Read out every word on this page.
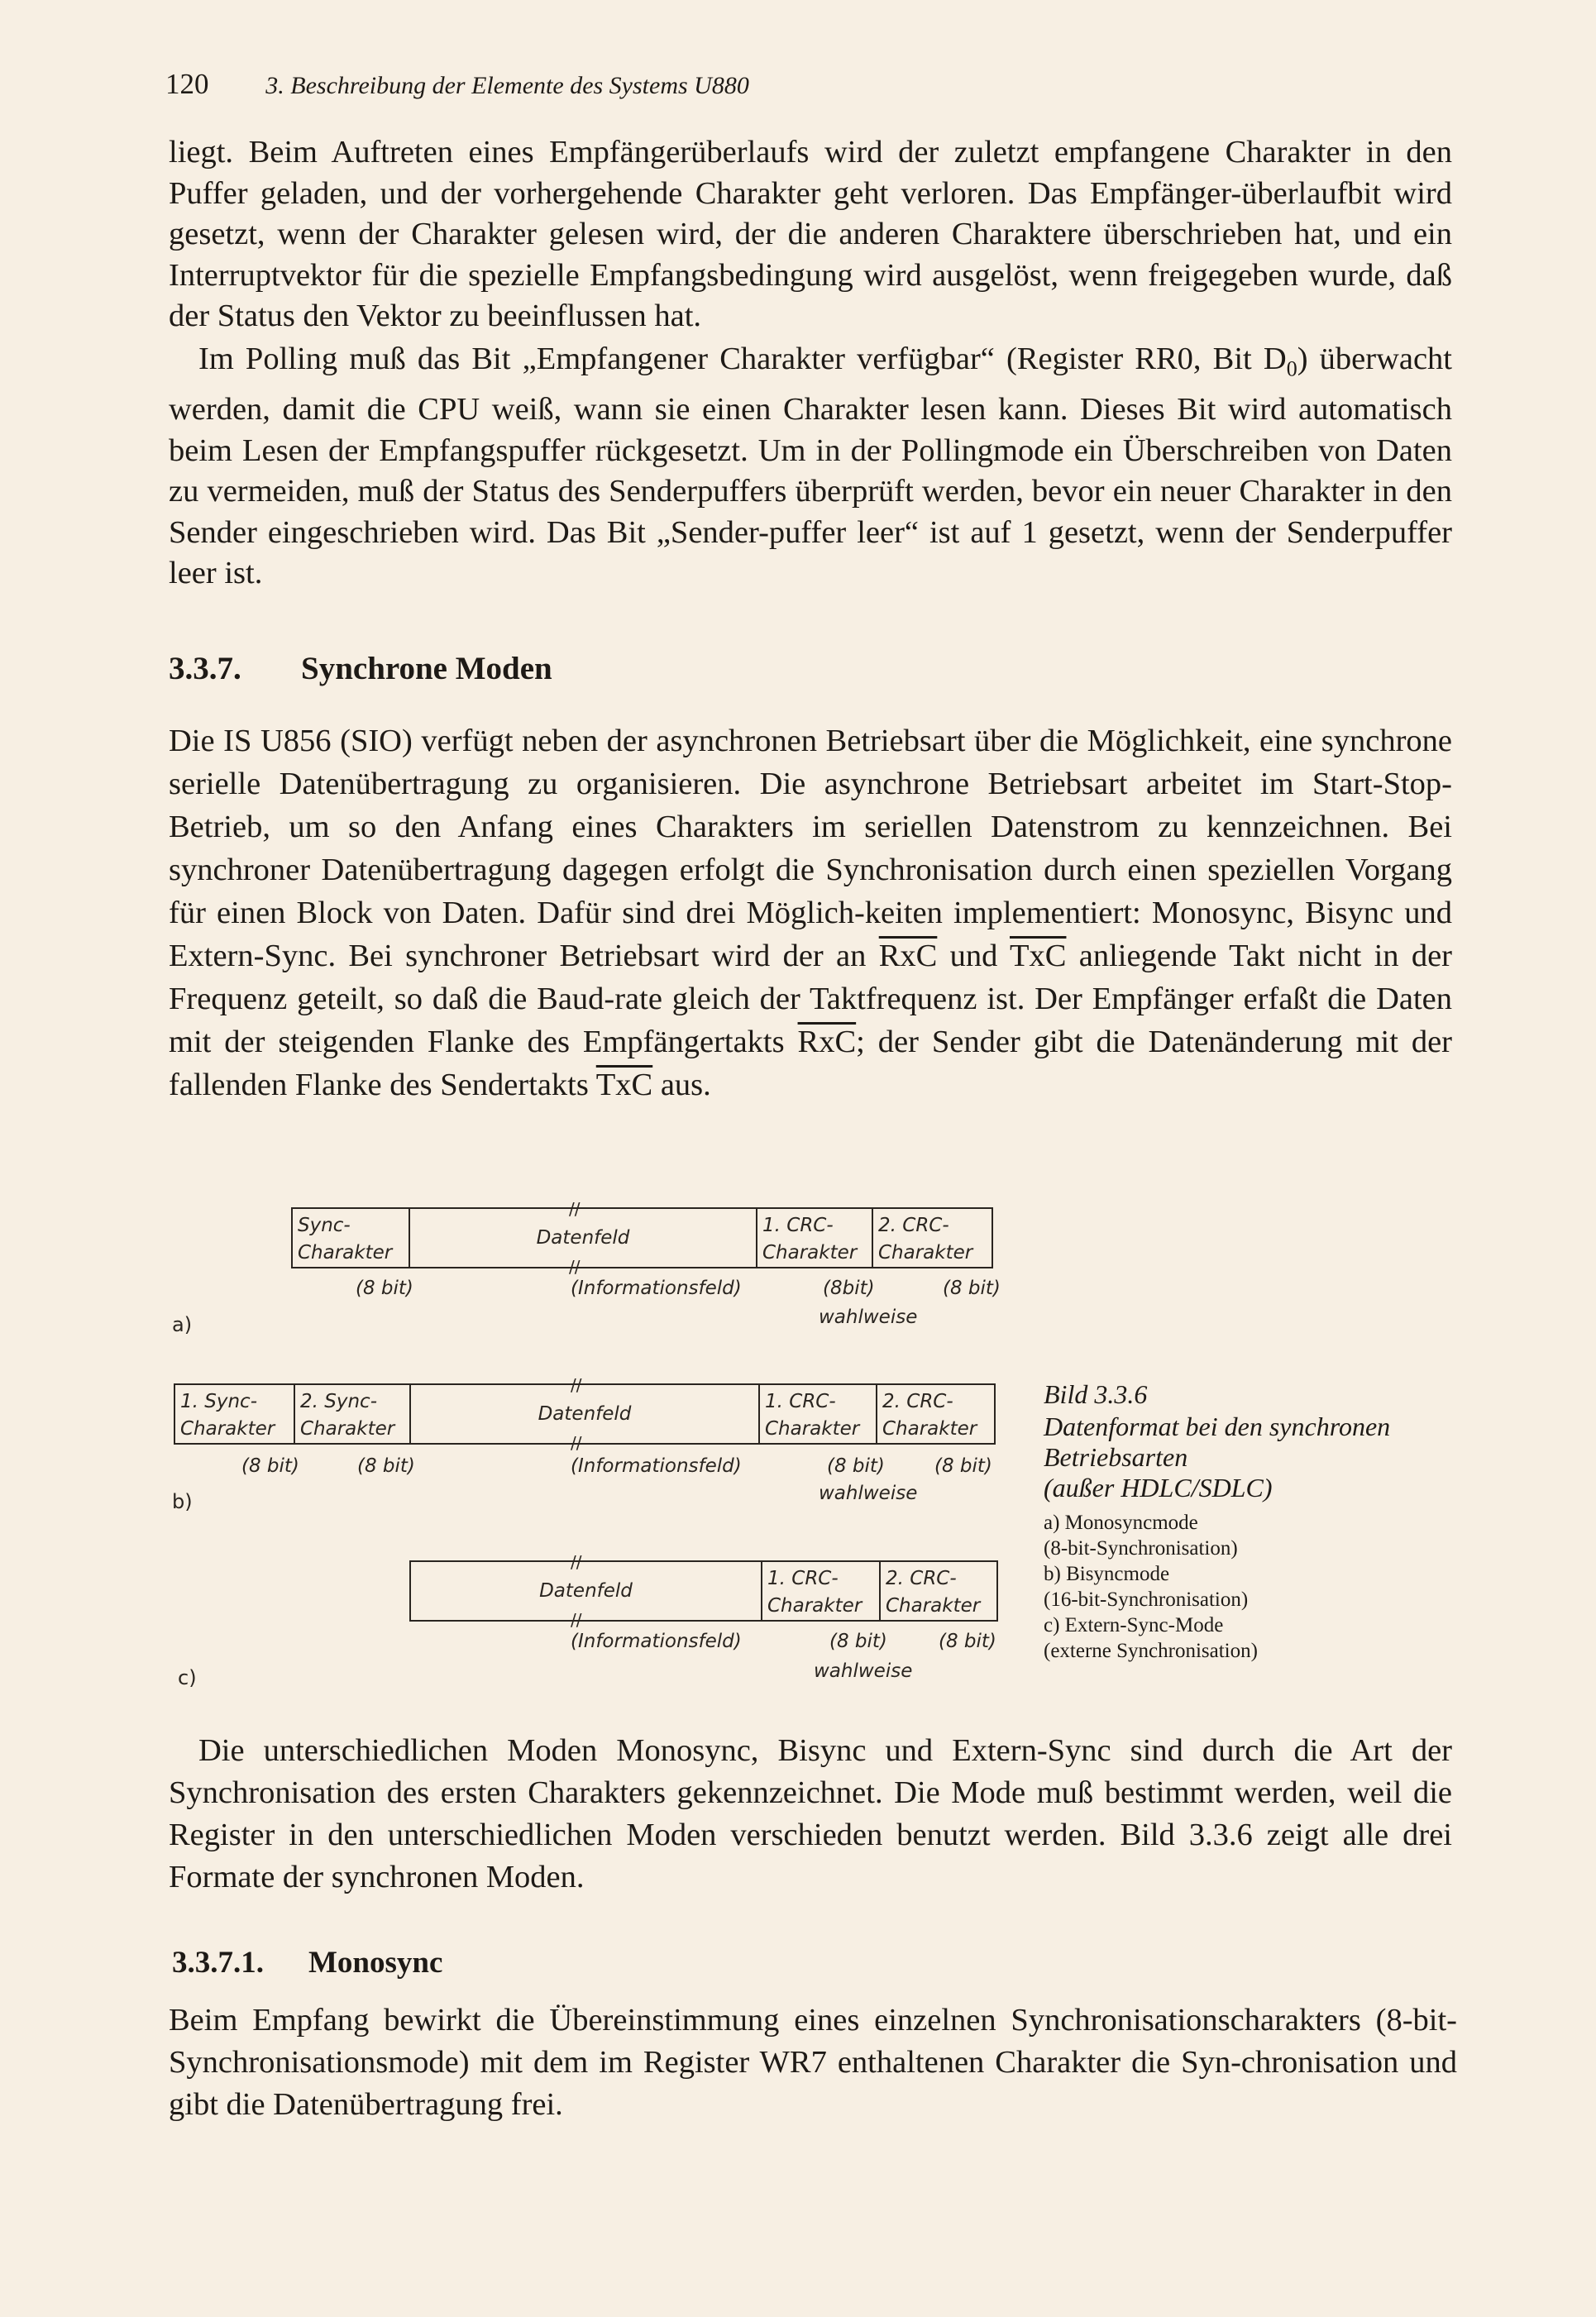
120 3. Beschreibung der Elemente des Systems U880

liegt. Beim Auftreten eines Empfängerüberlaufs wird der zuletzt empfangene Charakter in den Puffer geladen, und der vorhergehende Charakter geht verloren. Das Empfänger-überlaufbit wird gesetzt, wenn der Charakter gelesen wird, der die anderen Charaktere überschrieben hat, und ein Interruptvektor für die spezielle Empfangsbedingung wird ausgelöst, wenn freigegeben wurde, daß der Status den Vektor zu beeinflussen hat.

Im Polling muß das Bit „Empfangener Charakter verfügbar“ (Register RR0, Bit $D_0$) überwacht werden, damit die CPU weiß, wann sie einen Charakter lesen kann. Dieses Bit wird automatisch beim Lesen der Empfangspuffer rückgesetzt. Um in der Pollingmode ein Überschreiben von Daten zu vermeiden, muß der Status des Senderpuffers überprüft werden, bevor ein neuer Charakter in den Sender eingeschrieben wird. Das Bit „Sender-puffer leer“ ist auf 1 gesetzt, wenn der Senderpuffer leer ist.

3.3.7. Synchrone Moden

Die IS U856 (SIO) verfügt neben der asynchronen Betriebsart über die Möglichkeit, eine synchrone serielle Datenübertragung zu organisieren. Die asynchrone Betriebsart arbeitet im Start-Stop-Betrieb, um so den Anfang eines Charakters im seriellen Datenstrom zu kennzeichnen. Bei synchroner Datenübertragung dagegen erfolgt die Synchronisation durch einen speziellen Vorgang für einen Block von Daten. Dafür sind drei Möglich-keiten implementiert: Monosync, Bisync und Extern-Sync. Bei synchroner Betriebsart wird der an $\overline{RxC}$ und $\overline{TxC}$ anliegende Takt nicht in der Frequenz geteilt, so daß die Baud-rate gleich der Taktfrequenz ist. Der Empfänger erfaßt die Daten mit der steigenden Flanke des Empfängertakts $\overline{RxC}$; der Sender gibt die Datenänderung mit der fallenden Flanke des Sendertakts $\overline{TxC}$ aus.

Sync-
Charakter
Datenfeld
1. CRC-
Charakter
2. CRC-
Charakter
//
//
(8 bit)	(Informationsfeld)	(8bit)	(8 bit)
wahlweise
a)
1. Sync-
Charakter
2. Sync-
Charakter
Datenfeld
1. CRC-
Charakter
2. CRC-
Charakter
//
//
(8 bit)	(8 bit)	(Informationsfeld)	(8 bit)	(8 bit)
wahlweise
b)
Datenfeld
1. CRC-
Charakter
2. CRC-
Charakter
//
//
(Informationsfeld)	(8 bit)	(8 bit)
wahlweise
c)
Bild 3.3.6
Datenformat bei den synchronen Betriebsarten
(außer HDLC/SDLC)
a) Monosyncmode
(8-bit-Synchronisation)
b) Bisyncmode
(16-bit-Synchronisation)
c) Extern-Sync-Mode
(externe Synchronisation)

Die unterschiedlichen Moden Monosync, Bisync und Extern-Sync sind durch die Art der Synchronisation des ersten Charakters gekennzeichnet. Die Mode muß bestimmt werden, weil die Register in den unterschiedlichen Moden verschieden benutzt werden. Bild 3.3.6 zeigt alle drei Formate der synchronen Moden.

3.3.7.1. Monosync

Beim Empfang bewirkt die Übereinstimmung eines einzelnen Synchronisationscharakters (8-bit-Synchronisationsmode) mit dem im Register WR7 enthaltenen Charakter die Syn-chronisation und gibt die Datenübertragung frei.
